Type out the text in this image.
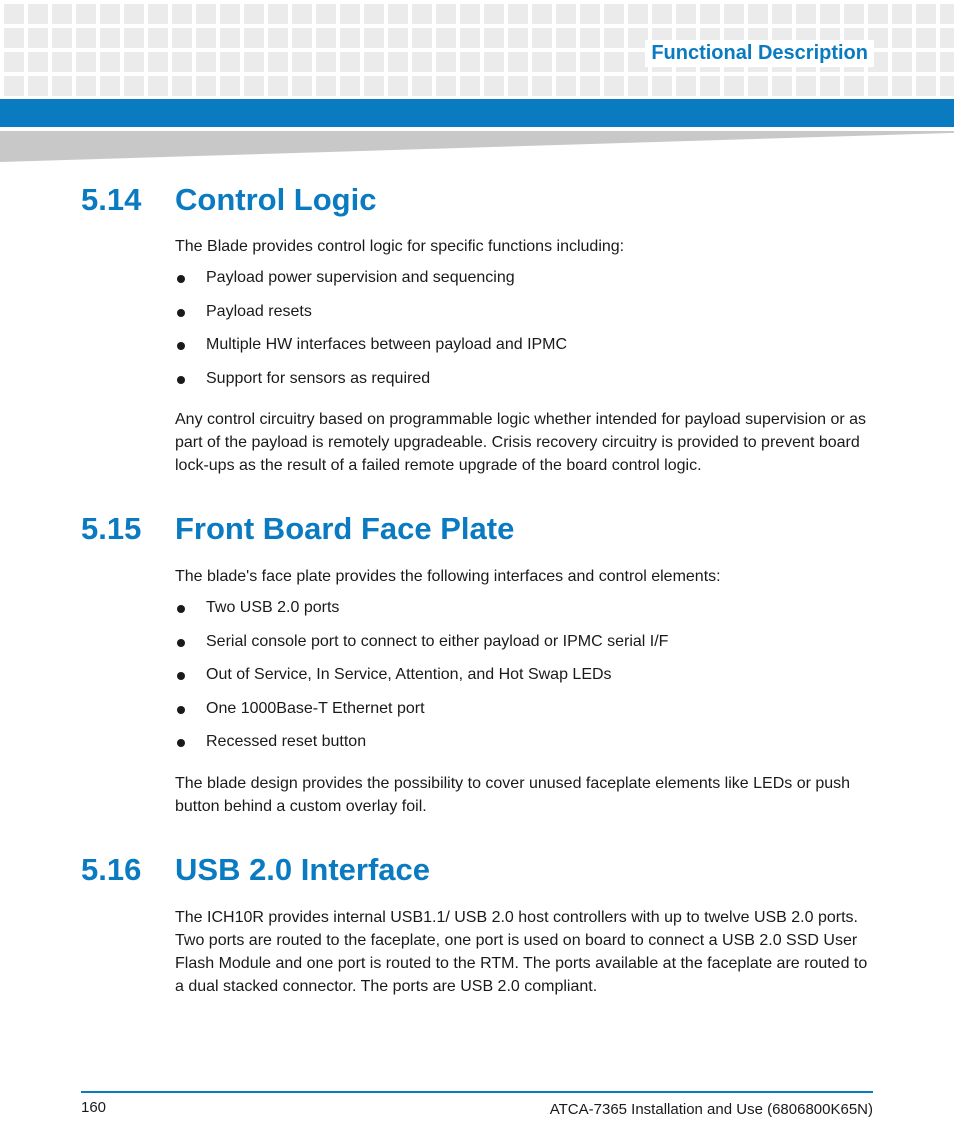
Functional Description
5.14 Control Logic

The Blade provides control logic for specific functions including:

Payload power supervision and sequencing
Payload resets
Multiple HW interfaces between payload and IPMC
Support for sensors as required

Any control circuitry based on programmable logic whether intended for payload supervision or as part of the payload is remotely upgradeable. Crisis recovery circuitry is provided to prevent board lock-ups as the result of a failed remote upgrade of the board control logic.

5.15 Front Board Face Plate

The blade's face plate provides the following interfaces and control elements:

Two USB 2.0 ports
Serial console port to connect to either payload or IPMC serial I/F
Out of Service, In Service, Attention, and Hot Swap LEDs
One 1000Base-T Ethernet port
Recessed reset button

The blade design provides the possibility to cover unused faceplate elements like LEDs or push button behind a custom overlay foil.

5.16 USB 2.0 Interface

The ICH10R provides internal USB1.1/ USB 2.0 host controllers with up to twelve USB 2.0 ports. Two ports are routed to the faceplate, one port is used on board to connect a USB 2.0 SSD User Flash Module and one port is routed to the RTM. The ports available at the faceplate are routed to a dual stacked connector. The ports are USB 2.0 compliant.

160	ATCA-7365 Installation and Use (6806800K65N)
